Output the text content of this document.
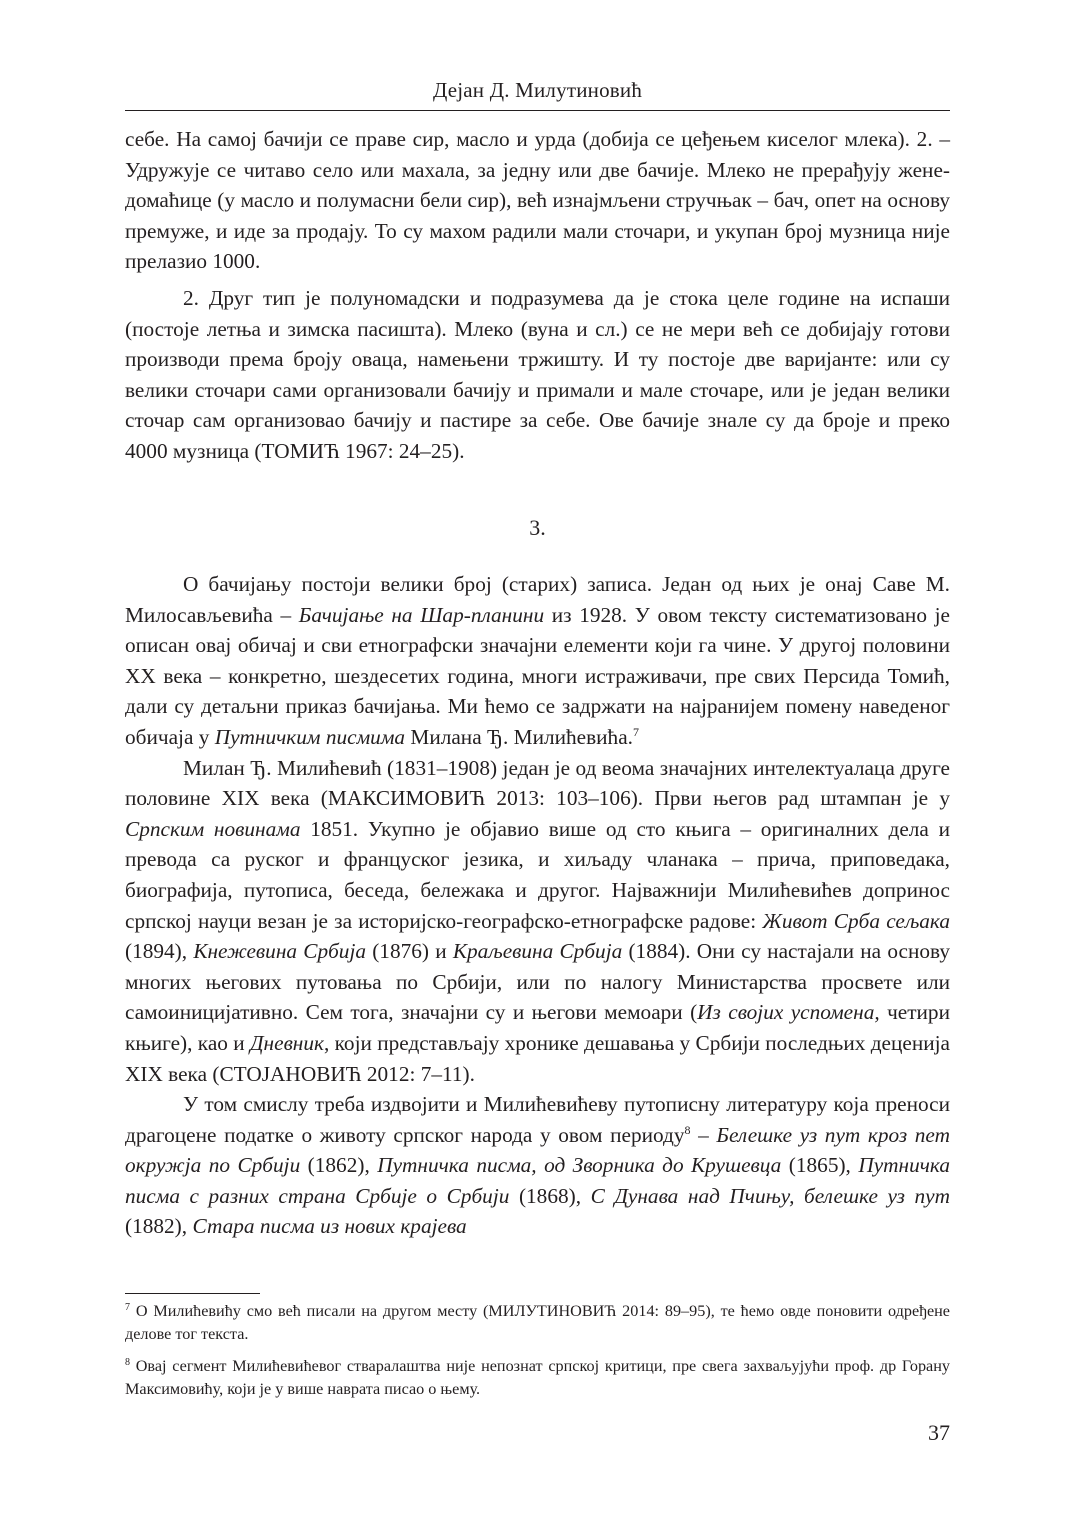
Дејан Д. Милутиновић

себе. На самој бачији се праве сир, масло и урда (добија се цеђењем киселог млека). 2. – Удружује се читаво село или махала, за једну или две бачије. Млеко не прерађују жене-домаћице (у масло и полумасни бели сир), већ изнајмљени стручњак – бач, опет на основу премуже, и иде за продају. То су махом радили мали сточари, и укупан број музница није прелазио 1000.

2. Друг тип је полуномадски и подразумева да је стока целе године на испаши (постоје летња и зимска пасишта). Млеко (вуна и сл.) се не мери већ се добијају готови производи према броју оваца, намењени тржишту. И ту постоје две варијанте: или су велики сточари сами организовали бачију и примали и мале сточаре, или је један велики сточар сам организовао бачију и пастире за себе. Ове бачије знале су да броје и преко 4000 музница (ТОМИЋ 1967: 24–25).

3.

О бачијању постоји велики број (старих) записа. Један од њих је онај Саве М. Милосављевића – Бачијање на Шар-планини из 1928. У овом тексту систематизовано је описан овај обичај и сви етнографски значајни елементи који га чине. У другој половини XX века – конкретно, шездесетих година, многи истраживачи, пре свих Персида Томић, дали су детаљни приказ бачијања. Ми ћемо се задржати на најранијем помену наведеног обичаја у Путничким писмима Милана Ђ. Милићевића.$^7$

Милан Ђ. Милићевић (1831–1908) један је од веома значајних интелектуалаца друге половине XIX века (МАКСИМОВИЋ 2013: 103–106). Први његов рад штампан је у Српским новинама 1851. Укупно је објавио више од сто књига – оригиналних дела и превода са руског и француског језика, и хиљаду чланака – прича, приповедака, биографија, путописа, беседа, бележака и другог. Најважнији Милићевићев допринос српској науци везан је за историјско-географско-етнографске радове: Живот Срба сељака (1894), Кнежевина Србија (1876) и Краљевина Србија (1884). Они су настајали на основу многих његових путовања по Србији, или по налогу Министарства просвете или самоиницијативно. Сем тога, значајни су и његови мемоари (Из својих успомена, четири књиге), као и Дневник, који представљају хронике дешавања у Србији последњих деценија XIX века (СТОЈАНОВИЋ 2012: 7–11).

У том смислу треба издвојити и Милићевићеву путописну литературу која преноси драгоцене податке о животу српског народа у овом периоду$^8$ – Белешке уз пут кроз пет окружја по Србији (1862), Путничка писма, од Зворника до Крушевца (1865), Путничка писма с разних страна Србије о Србији (1868), С Дунава над Пчињу, белешке уз пут (1882), Стара писма из нових крајева

$^7$ О Милићевићу смо већ писали на другом месту (МИЛУТИНОВИЋ 2014: 89–95), те ћемо овде поновити одређене делове тог текста.

$^8$ Овај сегмент Милићевићевог стваралаштва није непознат српској критици, пре свега захваљујући проф. др Горану Максимовићу, који је у више наврата писао о њему.

37
